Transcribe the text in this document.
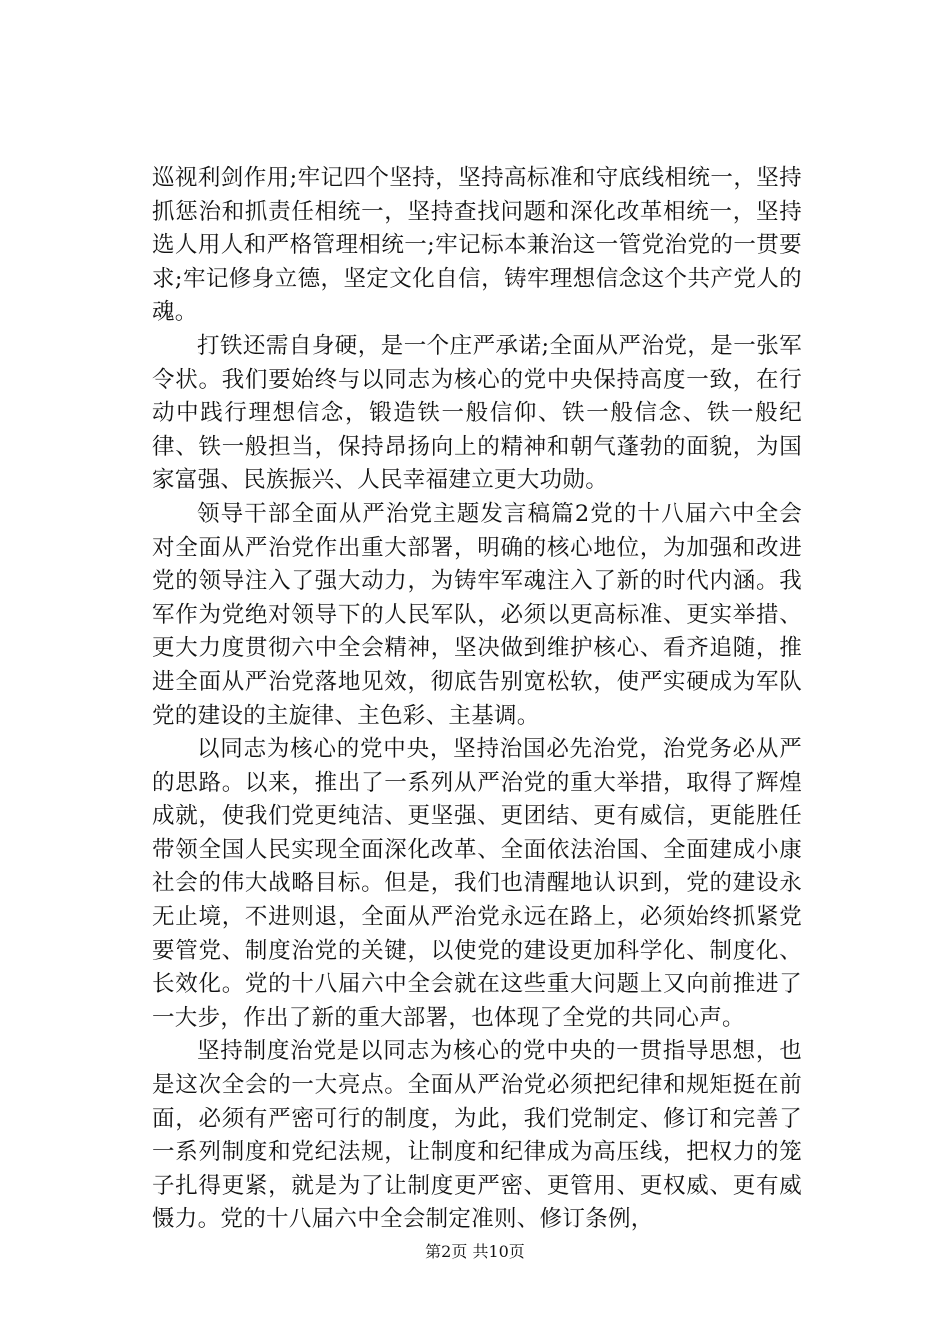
巡视利剑作用;牢记四个坚持，坚持高标准和守底线相统一，坚持抓惩治和抓责任相统一，坚持查找问题和深化改革相统一，坚持选人用人和严格管理相统一;牢记标本兼治这一管党治党的一贯要求;牢记修身立德，坚定文化自信，铸牢理想信念这个共产党人的魂。

打铁还需自身硬，是一个庄严承诺;全面从严治党，是一张军令状。我们要始终与以同志为核心的党中央保持高度一致，在行动中践行理想信念，锻造铁一般信仰、铁一般信念、铁一般纪律、铁一般担当，保持昂扬向上的精神和朝气蓬勃的面貌，为国家富强、民族振兴、人民幸福建立更大功勋。

领导干部全面从严治党主题发言稿篇2党的十八届六中全会对全面从严治党作出重大部署，明确的核心地位，为加强和改进党的领导注入了强大动力，为铸牢军魂注入了新的时代内涵。我军作为党绝对领导下的人民军队，必须以更高标准、更实举措、更大力度贯彻六中全会精神，坚决做到维护核心、看齐追随，推进全面从严治党落地见效，彻底告别宽松软，使严实硬成为军队党的建设的主旋律、主色彩、主基调。

以同志为核心的党中央，坚持治国必先治党，治党务必从严的思路。以来，推出了一系列从严治党的重大举措，取得了辉煌成就，使我们党更纯洁、更坚强、更团结、更有威信，更能胜任带领全国人民实现全面深化改革、全面依法治国、全面建成小康社会的伟大战略目标。但是，我们也清醒地认识到，党的建设永无止境，不进则退，全面从严治党永远在路上，必须始终抓紧党要管党、制度治党的关键，以使党的建设更加科学化、制度化、长效化。党的十八届六中全会就在这些重大问题上又向前推进了一大步，作出了新的重大部署，也体现了全党的共同心声。

坚持制度治党是以同志为核心的党中央的一贯指导思想，也是这次全会的一大亮点。全面从严治党必须把纪律和规矩挺在前面，必须有严密可行的制度，为此，我们党制定、修订和完善了一系列制度和党纪法规，让制度和纪律成为高压线，把权力的笼子扎得更紧，就是为了让制度更严密、更管用、更权威、更有威慑力。党的十八届六中全会制定准则、修订条例，

第2页 共10页
